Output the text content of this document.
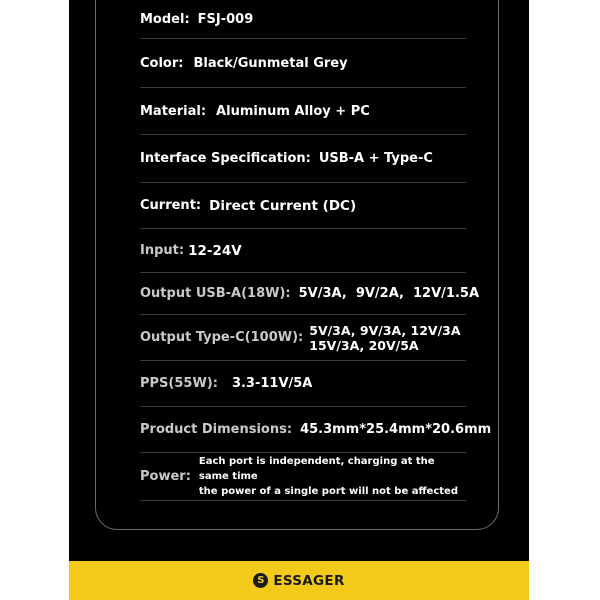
Model: FSJ-009
Color: Black/Gunmetal Grey
Material: Aluminum Alloy + PC
Interface Specification: USB-A + Type-C
Current: Direct Current (DC)
Input: 12-24V
Output USB-A(18W): 5V/3A,  9V/2A,  12V/1.5A
Output Type-C(100W): 5V/3A, 9V/3A, 12V/3A
15V/3A, 20V/5A
PPS(55W): 3.3-11V/5A
Product Dimensions: 45.3mm*25.4mm*20.6mm
Power:
Each port is independent, charging at the same time
the power of a single port will not be affected
S ESSAGER
